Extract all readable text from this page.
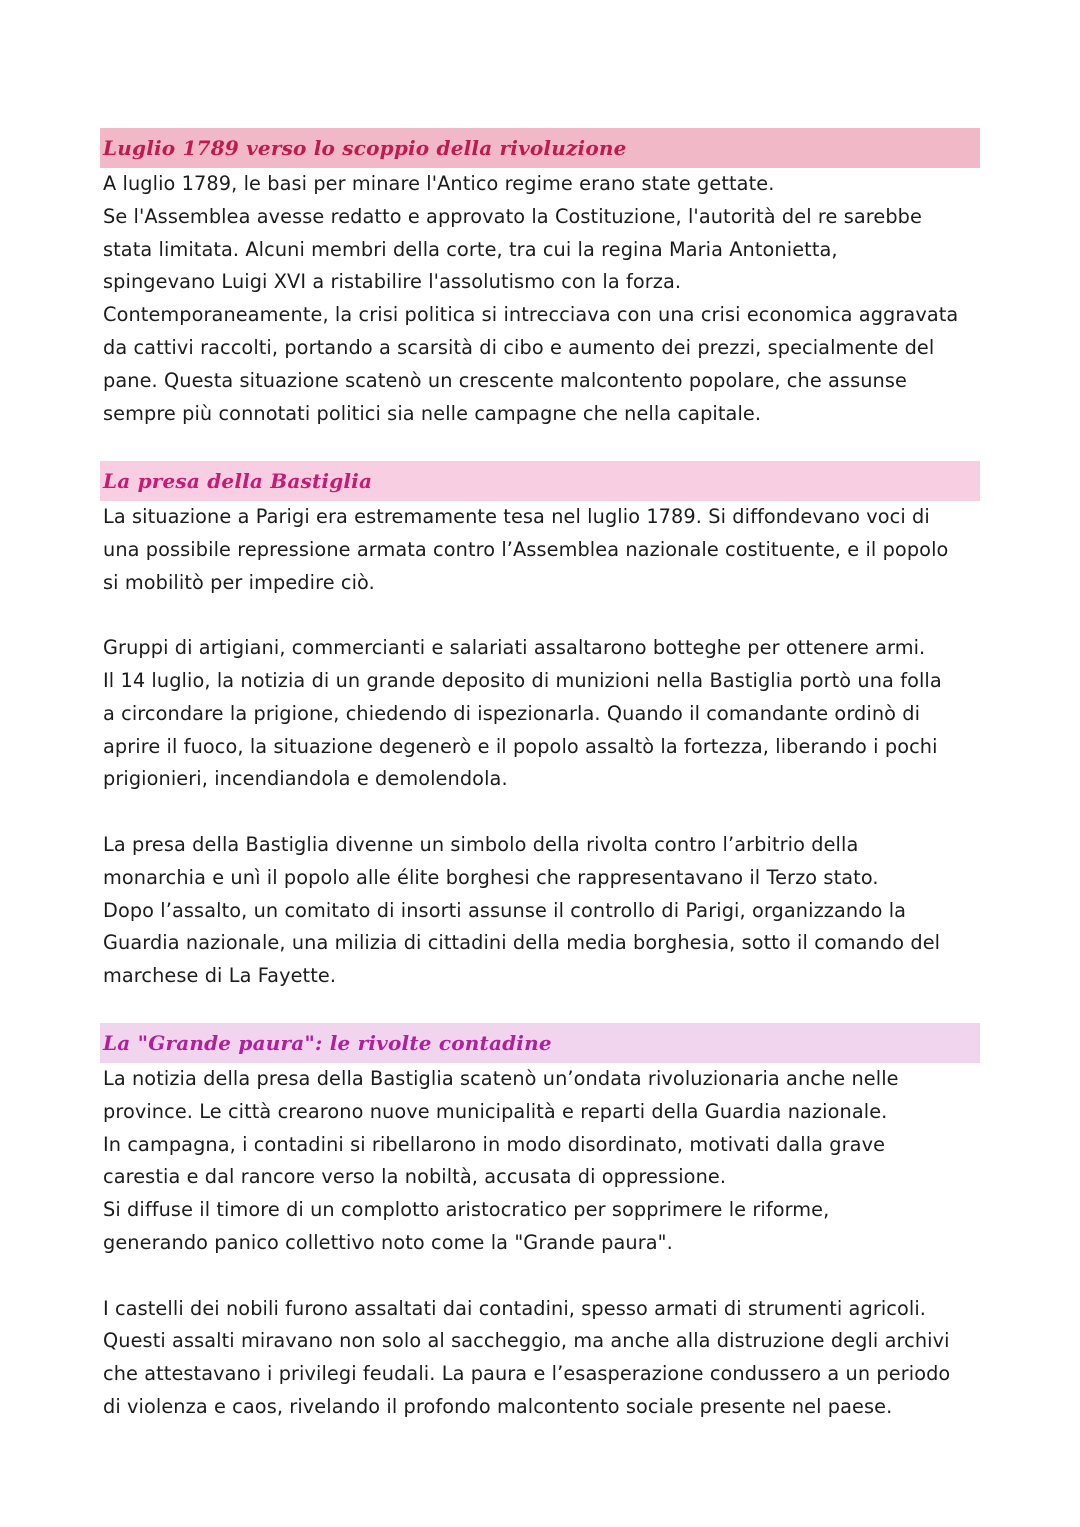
Luglio 1789 verso lo scoppio della rivoluzione

A luglio 1789, le basi per minare l'Antico regime erano state gettate.
Se l'Assemblea avesse redatto e approvato la Costituzione, l'autorità del re sarebbe
stata limitata. Alcuni membri della corte, tra cui la regina Maria Antonietta,
spingevano Luigi XVI a ristabilire l'assolutismo con la forza.
Contemporaneamente, la crisi politica si intrecciava con una crisi economica aggravata
da cattivi raccolti, portando a scarsità di cibo e aumento dei prezzi, specialmente del
pane. Questa situazione scatenò un crescente malcontento popolare, che assunse
sempre più connotati politici sia nelle campagne che nella capitale.

La presa della Bastiglia

La situazione a Parigi era estremamente tesa nel luglio 1789. Si diffondevano voci di
una possibile repressione armata contro l’Assemblea nazionale costituente, e il popolo
si mobilitò per impedire ciò.

Gruppi di artigiani, commercianti e salariati assaltarono botteghe per ottenere armi.
Il 14 luglio, la notizia di un grande deposito di munizioni nella Bastiglia portò una folla
a circondare la prigione, chiedendo di ispezionarla. Quando il comandante ordinò di
aprire il fuoco, la situazione degenerò e il popolo assaltò la fortezza, liberando i pochi
prigionieri, incendiandola e demolendola.

La presa della Bastiglia divenne un simbolo della rivolta contro l’arbitrio della
monarchia e unì il popolo alle élite borghesi che rappresentavano il Terzo stato.
Dopo l’assalto, un comitato di insorti assunse il controllo di Parigi, organizzando la
Guardia nazionale, una milizia di cittadini della media borghesia, sotto il comando del
marchese di La Fayette.

La "Grande paura": le rivolte contadine

La notizia della presa della Bastiglia scatenò un’ondata rivoluzionaria anche nelle
province. Le città crearono nuove municipalità e reparti della Guardia nazionale.
In campagna, i contadini si ribellarono in modo disordinato, motivati dalla grave
carestia e dal rancore verso la nobiltà, accusata di oppressione.
Si diffuse il timore di un complotto aristocratico per sopprimere le riforme,
generando panico collettivo noto come la "Grande paura".

I castelli dei nobili furono assaltati dai contadini, spesso armati di strumenti agricoli.
Questi assalti miravano non solo al saccheggio, ma anche alla distruzione degli archivi
che attestavano i privilegi feudali. La paura e l’esasperazione condussero a un periodo
di violenza e caos, rivelando il profondo malcontento sociale presente nel paese.
